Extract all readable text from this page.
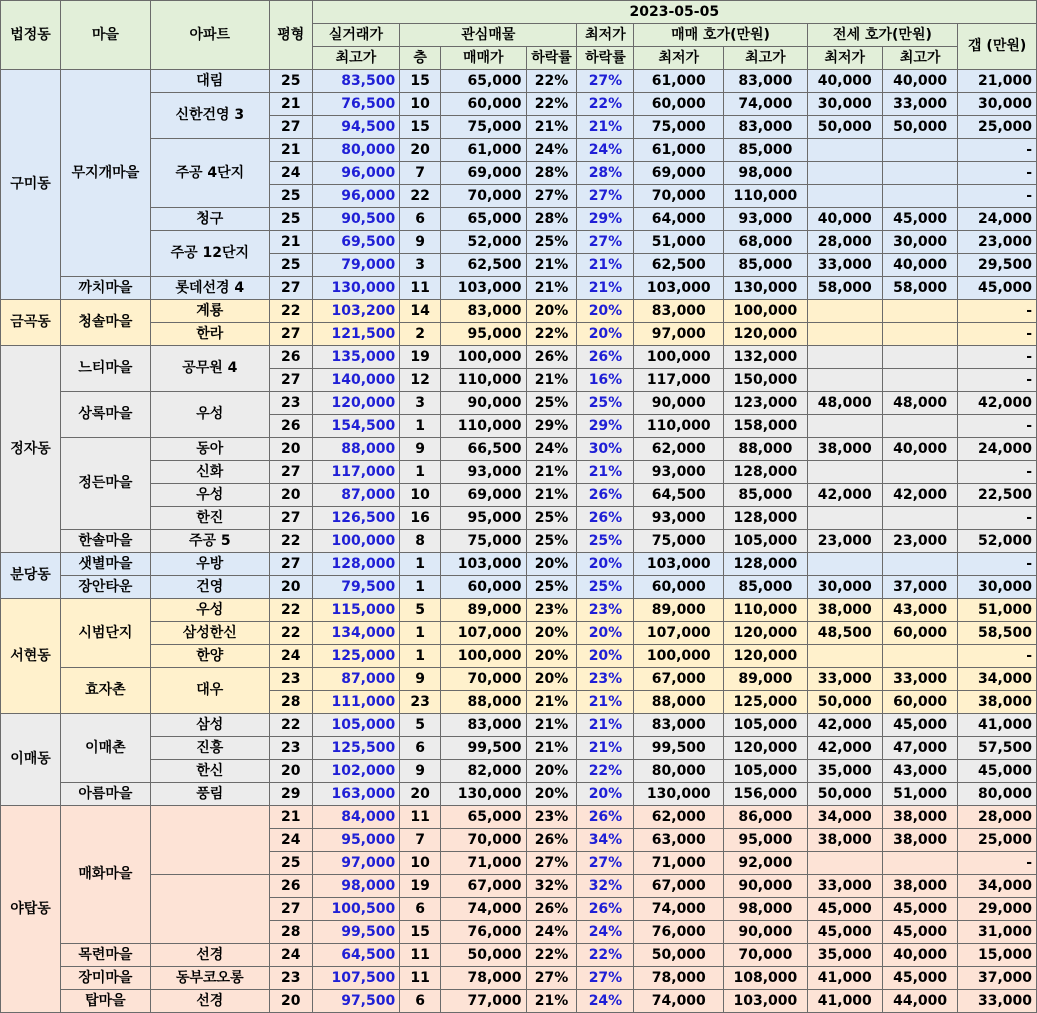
법정동	마을	아파트	평형	2023-05-05									
				실거래가	관심매물			최저가	매매 호가(만원)		전세 호가(만원)		갭 (만원)
				최고가	층	매매가	하락률	하락률	최저가	최고가	최저가	최고가	
구미동	무지개마을	대림	25	83,500	15	65,000	22%	27%	61,000	83,000	40,000	40,000	21,000
		신한건영 3	21	76,500	10	60,000	22%	22%	60,000	74,000	30,000	33,000	30,000
			27	94,500	15	75,000	21%	21%	75,000	83,000	50,000	50,000	25,000
		주공 4단지	21	80,000	20	61,000	24%	24%	61,000	85,000			-
			24	96,000	7	69,000	28%	28%	69,000	98,000			-
			25	96,000	22	70,000	27%	27%	70,000	110,000			-
		청구	25	90,500	6	65,000	28%	29%	64,000	93,000	40,000	45,000	24,000
		주공 12단지	21	69,500	9	52,000	25%	27%	51,000	68,000	28,000	30,000	23,000
			25	79,000	3	62,500	21%	21%	62,500	85,000	33,000	40,000	29,500
	까치마을	롯데선경 4	27	130,000	11	103,000	21%	21%	103,000	130,000	58,000	58,000	45,000
금곡동	청솔마을	계룡	22	103,200	14	83,000	20%	20%	83,000	100,000			-
		한라	27	121,500	2	95,000	22%	20%	97,000	120,000			-
정자동	느티마을	공무원 4	26	135,000	19	100,000	26%	26%	100,000	132,000			-
			27	140,000	12	110,000	21%	16%	117,000	150,000			-
	상록마을	우성	23	120,000	3	90,000	25%	25%	90,000	123,000	48,000	48,000	42,000
			26	154,500	1	110,000	29%	29%	110,000	158,000			-
	정든마을	동아	20	88,000	9	66,500	24%	30%	62,000	88,000	38,000	40,000	24,000
		신화	27	117,000	1	93,000	21%	21%	93,000	128,000			-
		우성	20	87,000	10	69,000	21%	26%	64,500	85,000	42,000	42,000	22,500
		한진	27	126,500	16	95,000	25%	26%	93,000	128,000			-
	한솔마을	주공 5	22	100,000	8	75,000	25%	25%	75,000	105,000	23,000	23,000	52,000
분당동	샛별마을	우방	27	128,000	1	103,000	20%	20%	103,000	128,000			-
	장안타운	건영	20	79,500	1	60,000	25%	25%	60,000	85,000	30,000	37,000	30,000
서현동	시범단지	우성	22	115,000	5	89,000	23%	23%	89,000	110,000	38,000	43,000	51,000
		삼성한신	22	134,000	1	107,000	20%	20%	107,000	120,000	48,500	60,000	58,500
		한양	24	125,000	1	100,000	20%	20%	100,000	120,000			-
	효자촌	대우	23	87,000	9	70,000	20%	23%	67,000	89,000	33,000	33,000	34,000
			28	111,000	23	88,000	21%	21%	88,000	125,000	50,000	60,000	38,000
이매동	이매촌	삼성	22	105,000	5	83,000	21%	21%	83,000	105,000	42,000	45,000	41,000
		진흥	23	125,500	6	99,500	21%	21%	99,500	120,000	42,000	47,000	57,500
		한신	20	102,000	9	82,000	20%	22%	80,000	105,000	35,000	43,000	45,000
	아름마을	풍림	29	163,000	20	130,000	20%	20%	130,000	156,000	50,000	51,000	80,000
야탑동	매화마을		21	84,000	11	65,000	23%	26%	62,000	86,000	34,000	38,000	28,000
			24	95,000	7	70,000	26%	34%	63,000	95,000	38,000	38,000	25,000
			25	97,000	10	71,000	27%	27%	71,000	92,000			-
			26	98,000	19	67,000	32%	32%	67,000	90,000	33,000	38,000	34,000
			27	100,500	6	74,000	26%	26%	74,000	98,000	45,000	45,000	29,000
			28	99,500	15	76,000	24%	24%	76,000	90,000	45,000	45,000	31,000
	목련마을	선경	24	64,500	11	50,000	22%	22%	50,000	70,000	35,000	40,000	15,000
	장미마을	동부코오롱	23	107,500	11	78,000	27%	27%	78,000	108,000	41,000	45,000	37,000
	탑마을	선경	20	97,500	6	77,000	21%	24%	74,000	103,000	41,000	44,000	33,000
